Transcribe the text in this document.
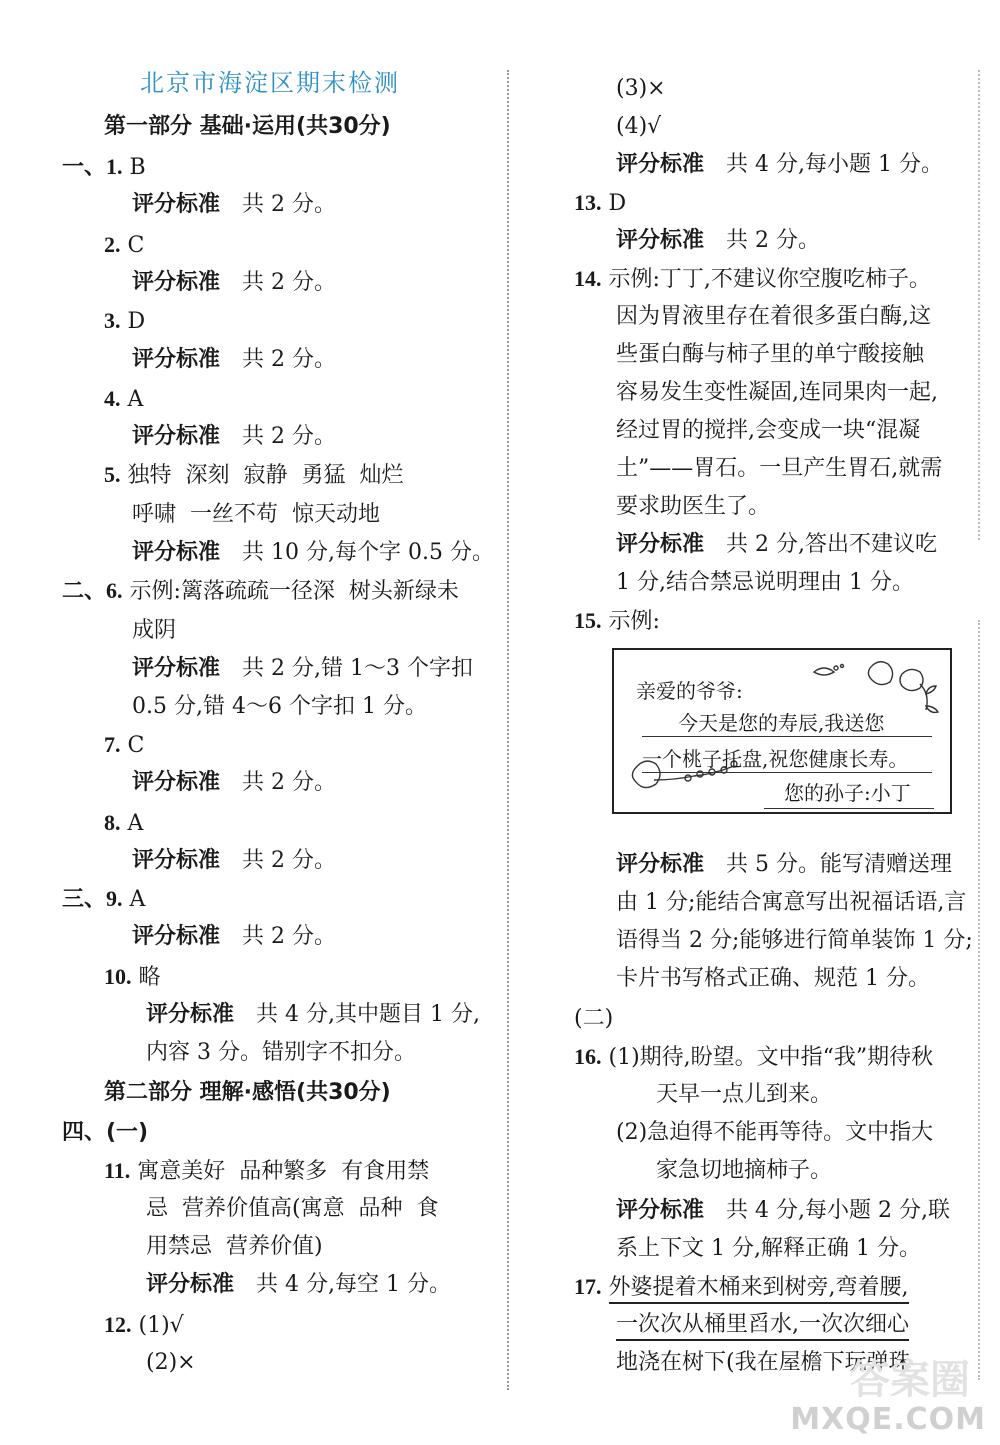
北京市海淀区期末检测
第一部分 基础·运用(共30分)
一、1. B
评分标准 共 2 分。
2. C
评分标准 共 2 分。
3. D
评分标准 共 2 分。
4. A
评分标准 共 2 分。
5. 独特  深刻  寂静  勇猛  灿烂
呼啸  一丝不苟  惊天动地
评分标准 共 10 分,每个字 0.5 分。
二、6. 示例:篱落疏疏一径深  树头新绿未
成阴
评分标准 共 2 分,错 1～3 个字扣
0.5 分,错 4～6 个字扣 1 分。
7. C
评分标准 共 2 分。
8. A
评分标准 共 2 分。
三、9. A
评分标准 共 2 分。
10. 略
评分标准 共 4 分,其中题目 1 分,
内容 3 分。错别字不扣分。
第二部分 理解·感悟(共30分)
四、(一)
11. 寓意美好  品种繁多  有食用禁
忌  营养价值高(寓意  品种  食
用禁忌  营养价值)
评分标准 共 4 分,每空 1 分。
12. (1)√
(2)×
(3)×
(4)√
评分标准 共 4 分,每小题 1 分。
13. D
评分标准 共 2 分。
14. 示例:丁丁,不建议你空腹吃柿子。
因为胃液里存在着很多蛋白酶,这
些蛋白酶与柿子里的单宁酸接触
容易发生变性凝固,连同果肉一起,
经过胃的搅拌,会变成一块“混凝
土”——胃石。一旦产生胃石,就需
要求助医生了。
评分标准 共 2 分,答出不建议吃
1 分,结合禁忌说明理由 1 分。
15. 示例:
亲爱的爷爷:
今天是您的寿辰,我送您
一个桃子托盘,祝您健康长寿。
您的孙子:小丁
评分标准 共 5 分。能写清赠送理
由 1 分;能结合寓意写出祝福话语,言
语得当 2 分;能够进行简单装饰 1 分;
卡片书写格式正确、规范 1 分。
(二)
16. (1)期待,盼望。文中指“我”期待秋
天早一点儿到来。
(2)急迫得不能再等待。文中指大
家急切地摘柿子。
评分标准 共 4 分,每小题 2 分,联
系上下文 1 分,解释正确 1 分。
17. 外婆提着木桶来到树旁,弯着腰,
一次次从桶里舀水,一次次细心
地浇在树下(我在屋檐下玩弹珠
答案圈
MXQE.COM
